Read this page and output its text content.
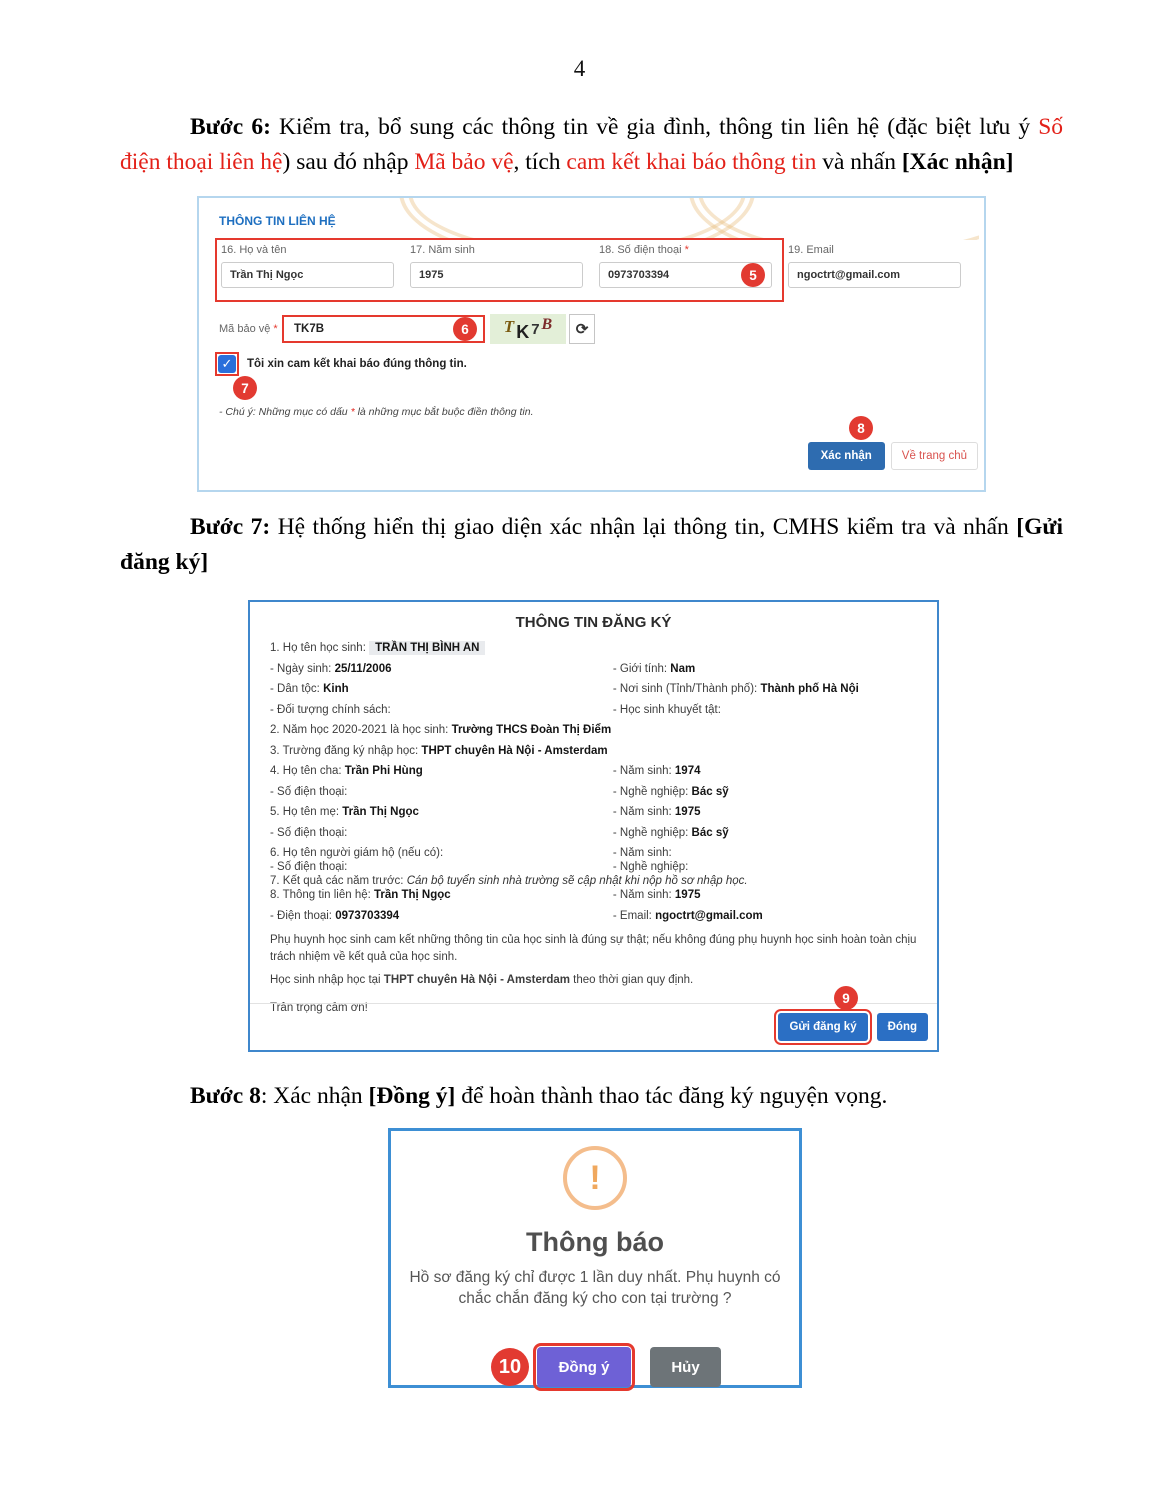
4
Bước 6: Kiểm tra, bổ sung các thông tin về gia đình, thông tin liên hệ (đặc biệt lưu ý Số điện thoại liên hệ) sau đó nhập Mã bảo vệ, tích cam kết khai báo thông tin và nhấn [Xác nhận]
THÔNG TIN LIÊN HỆ
16. Họ và tên
Trần Thị Ngọc
17. Năm sinh
1975
18. Số điện thoại *
0973703394	5
19. Email
ngoctrt@gmail.com
Mã bảo vệ *	TK7B	6	T K 7 B ⟳
✓ Tôi xin cam kết khai báo đúng thông tin.
7
- Chú ý: Những mục có dấu * là những mục bắt buộc điền thông tin.
8
Xác nhận	Về trang chủ
Bước 7: Hệ thống hiển thị giao diện xác nhận lại thông tin, CMHS kiểm tra và nhấn [Gửi đăng ký]
THÔNG TIN ĐĂNG KÝ
1. Họ tên học sinh: TRẦN THỊ BÌNH AN
- Ngày sinh: 25/11/2006	- Giới tính: Nam
- Dân tộc: Kinh	- Nơi sinh (Tỉnh/Thành phố): Thành phố Hà Nội
- Đối tượng chính sách:	- Học sinh khuyết tật:
2. Năm học 2020-2021 là học sinh: Trường THCS Đoàn Thị Điểm
3. Trường đăng ký nhập học: THPT chuyên Hà Nội - Amsterdam
4. Họ tên cha: Trần Phi Hùng	- Năm sinh: 1974
- Số điện thoại:	- Nghề nghiệp: Bác sỹ
5. Họ tên mẹ: Trần Thị Ngọc	- Năm sinh: 1975
- Số điện thoại:	- Nghề nghiệp: Bác sỹ
6. Họ tên người giám hộ (nếu có):	- Năm sinh:
- Số điện thoại:	- Nghề nghiệp:
7. Kết quả các năm trước: Cán bộ tuyển sinh nhà trường sẽ cập nhật khi nộp hồ sơ nhập học.
8. Thông tin liên hệ: Trần Thị Ngọc	- Năm sinh: 1975
- Điện thoại: 0973703394	- Email: ngoctrt@gmail.com
Phụ huynh học sinh cam kết những thông tin của học sinh là đúng sự thật; nếu không đúng phụ huynh học sinh hoàn toàn chịu trách nhiệm về kết quả của học sinh.
Học sinh nhập học tại THPT chuyên Hà Nội - Amsterdam theo thời gian quy định.
Trân trọng cảm ơn!
9
Gửi đăng ký	Đóng
Bước 8: Xác nhận [Đồng ý] để hoàn thành thao tác đăng ký nguyện vọng.
!
Thông báo
Hồ sơ đăng ký chỉ được 1 lần duy nhất. Phụ huynh có chắc chắn đăng ký cho con tại trường ?
10	Đồng ý	Hủy
